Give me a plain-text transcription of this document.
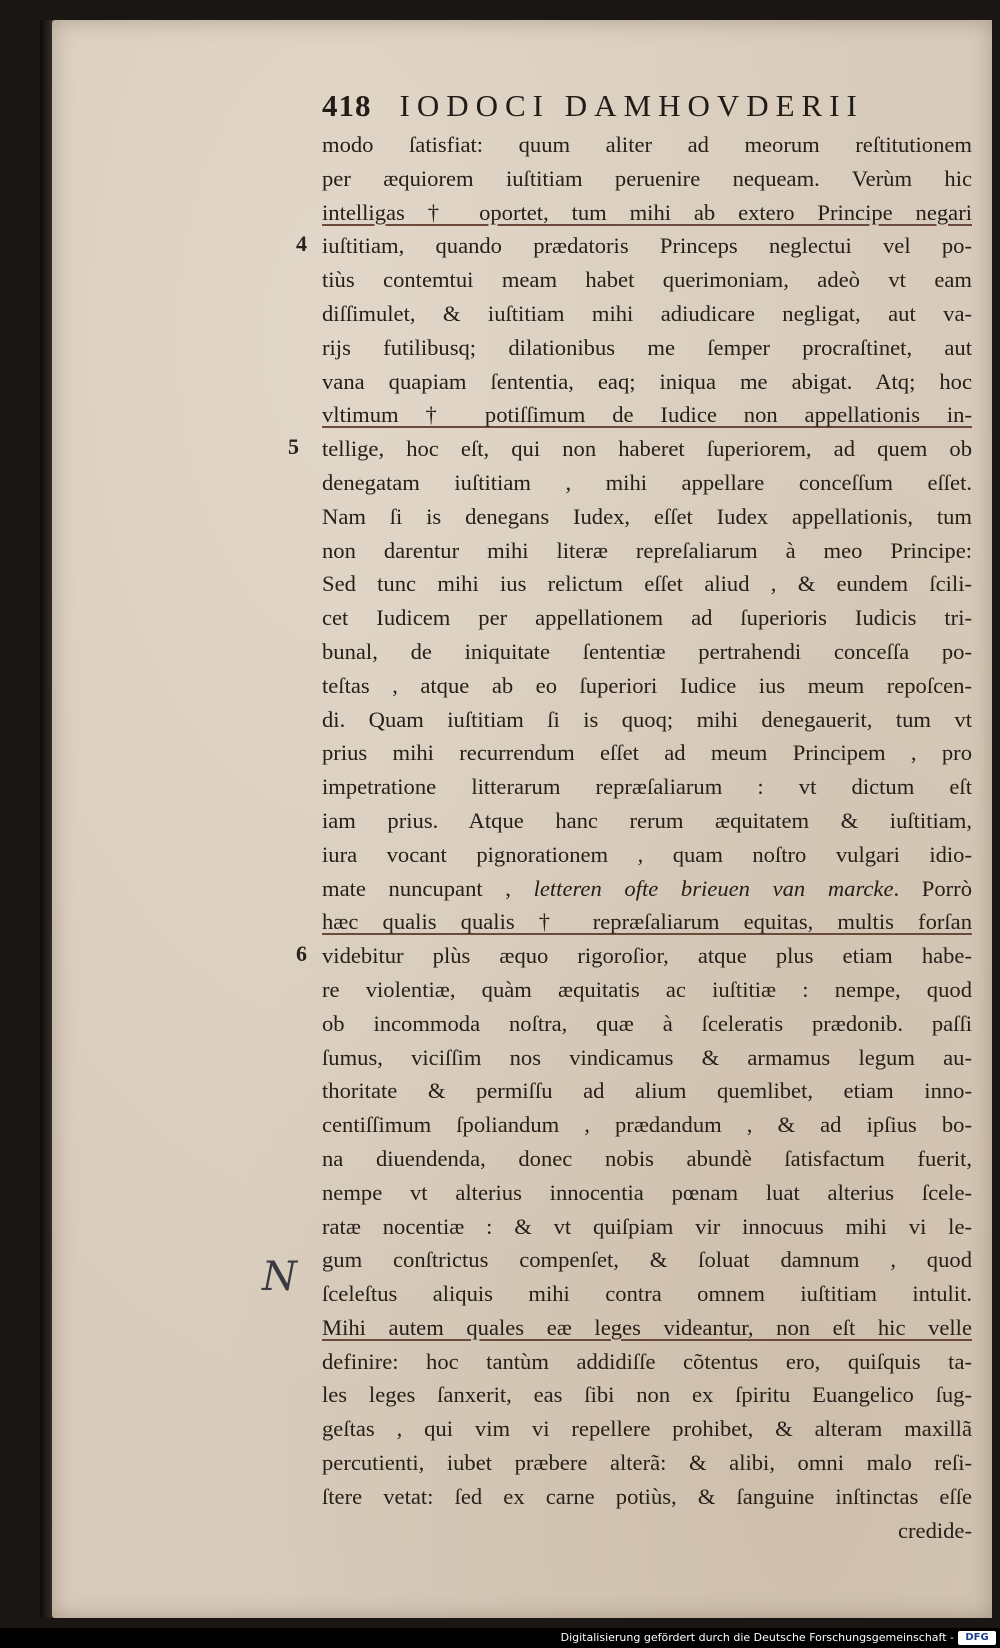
418 IODOCI DAMHOVDERII
modo ſatisfiat: quum aliter ad meorum reſtitutionem
per æquiorem iuſtitiam peruenire nequeam. Verùm hic
intelligas † oportet, tum mihi ab extero Principe negari
iuſtitiam, quando prædatoris Princeps neglectui vel po-
tiùs contemtui meam habet querimoniam, adeò vt eam
diſſimulet, & iuſtitiam mihi adiudicare negligat, aut va-
rijs futilibusq; dilationibus me ſemper procraſtinet, aut
vana quapiam ſententia, eaq; iniqua me abigat. Atq; hoc
vltimum † potiſſimum de Iudice non appellationis in-
tellige, hoc eſt, qui non haberet ſuperiorem, ad quem ob
denegatam iuſtitiam , mihi appellare conceſſum eſſet.
Nam ſi is denegans Iudex, eſſet Iudex appellationis, tum
non darentur mihi literæ repreſaliarum à meo Principe:
Sed tunc mihi ius relictum eſſet aliud , & eundem ſcili-
cet Iudicem per appellationem ad ſuperioris Iudicis tri-
bunal, de iniquitate ſententiæ pertrahendi conceſſa po-
teſtas , atque ab eo ſuperiori Iudice ius meum repoſcen-
di. Quam iuſtitiam ſi is quoq; mihi denegauerit, tum vt
prius mihi recurrendum eſſet ad meum Principem , pro
impetratione litterarum repræſaliarum : vt dictum eſt
iam prius. Atque hanc rerum æquitatem & iuſtitiam,
iura vocant pignorationem , quam noſtro vulgari idio-
mate nuncupant , letteren ofte brieuen van marcke. Porrò
hæc qualis qualis † repræſaliarum equitas, multis forſan
videbitur plùs æquo rigoroſior, atque plus etiam habe-
re violentiæ, quàm æquitatis ac iuſtitiæ : nempe, quod
ob incommoda noſtra, quæ à ſceleratis prædonib. paſſi
ſumus, viciſſim nos vindicamus & armamus legum au-
thoritate & permiſſu ad alium quemlibet, etiam inno-
centiſſimum ſpoliandum , prædandum , & ad ipſius bo-
na diuendenda, donec nobis abundè ſatisfactum fuerit,
nempe vt alterius innocentia pœnam luat alterius ſcele-
ratæ nocentiæ : & vt quiſpiam vir innocuus mihi vi le-
gum conſtrictus compenſet, & ſoluat damnum , quod
ſceleſtus aliquis mihi contra omnem iuſtitiam intulit.
Mihi autem quales eæ leges videantur, non eſt hic velle
definire: hoc tantùm addidiſſe cõtentus ero, quiſquis ta-
les leges ſanxerit, eas ſibi non ex ſpiritu Euangelico ſug-
geſtas , qui vim vi repellere prohibet, & alteram maxillã
percutienti, iubet præbere alterã: & alibi, omni malo reſi-
ſtere vetat: ſed ex carne potiùs, & ſanguine inſtinctas eſſe
credide-
4
5
6
N
Digitalisierung gefördert durch die Deutsche Forschungsgemeinschaft -	DFG
